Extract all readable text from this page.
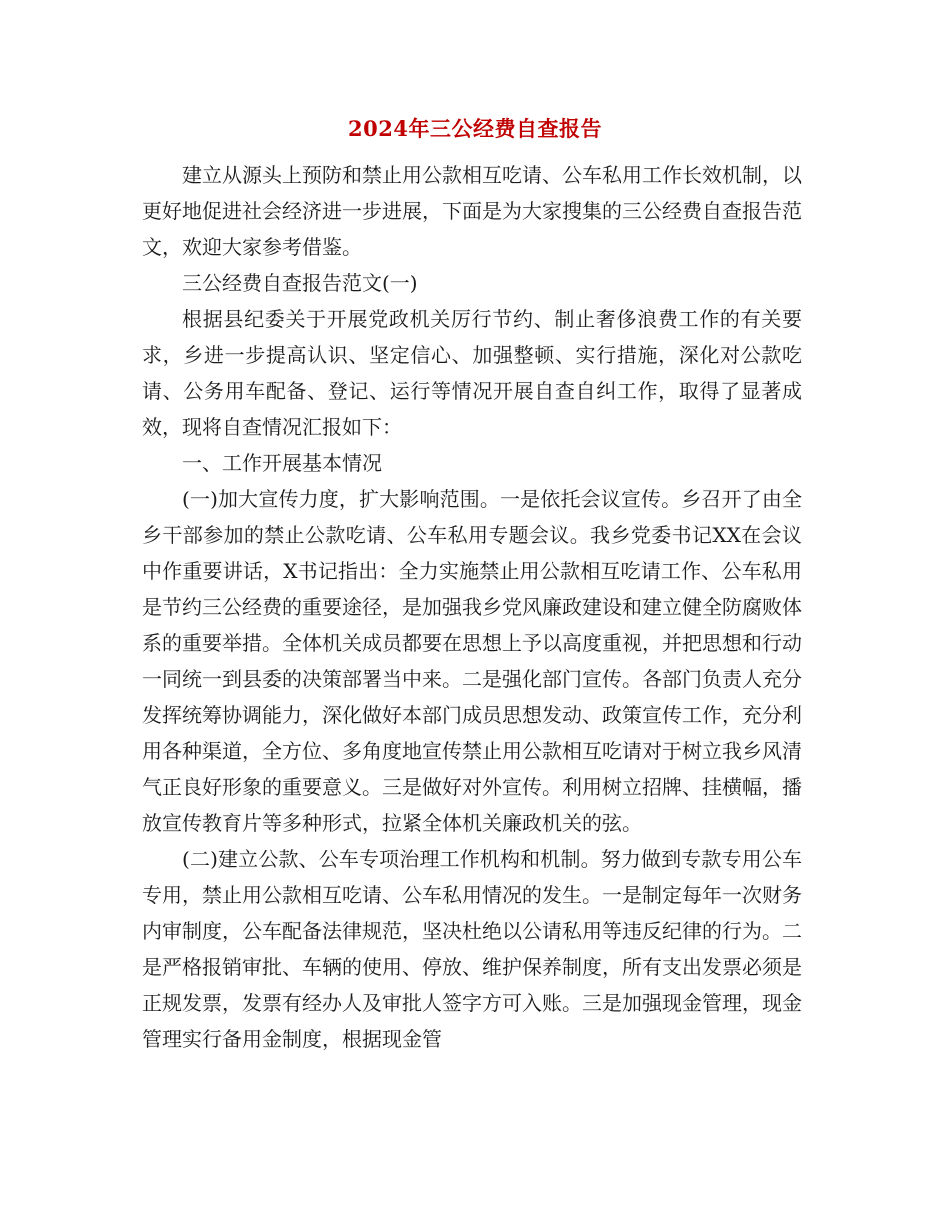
2024年三公经费自查报告

建立从源头上预防和禁止用公款相互吃请、公车私用工作长效机制，以更好地促进社会经济进一步进展，下面是为大家搜集的三公经费自查报告范文，欢迎大家参考借鉴。

三公经费自查报告范文(一)

根据县纪委关于开展党政机关厉行节约、制止奢侈浪费工作的有关要求，乡进一步提高认识、坚定信心、加强整顿、实行措施，深化对公款吃请、公务用车配备、登记、运行等情况开展自查自纠工作，取得了显著成效，现将自查情况汇报如下：

一、工作开展基本情况

(一)加大宣传力度，扩大影响范围。一是依托会议宣传。乡召开了由全乡干部参加的禁止公款吃请、公车私用专题会议。我乡党委书记XX在会议中作重要讲话，X书记指出：全力实施禁止用公款相互吃请工作、公车私用是节约三公经费的重要途径，是加强我乡党风廉政建设和建立健全防腐败体系的重要举措。全体机关成员都要在思想上予以高度重视，并把思想和行动一同统一到县委的决策部署当中来。二是强化部门宣传。各部门负责人充分发挥统筹协调能力，深化做好本部门成员思想发动、政策宣传工作，充分利用各种渠道，全方位、多角度地宣传禁止用公款相互吃请对于树立我乡风清气正良好形象的重要意义。三是做好对外宣传。利用树立招牌、挂横幅，播放宣传教育片等多种形式，拉紧全体机关廉政机关的弦。

(二)建立公款、公车专项治理工作机构和机制。努力做到专款专用公车专用，禁止用公款相互吃请、公车私用情况的发生。一是制定每年一次财务内审制度，公车配备法律规范，坚决杜绝以公请私用等违反纪律的行为。二是严格报销审批、车辆的使用、停放、维护保养制度，所有支出发票必须是正规发票，发票有经办人及审批人签字方可入账。三是加强现金管理，现金管理实行备用金制度，根据现金管
